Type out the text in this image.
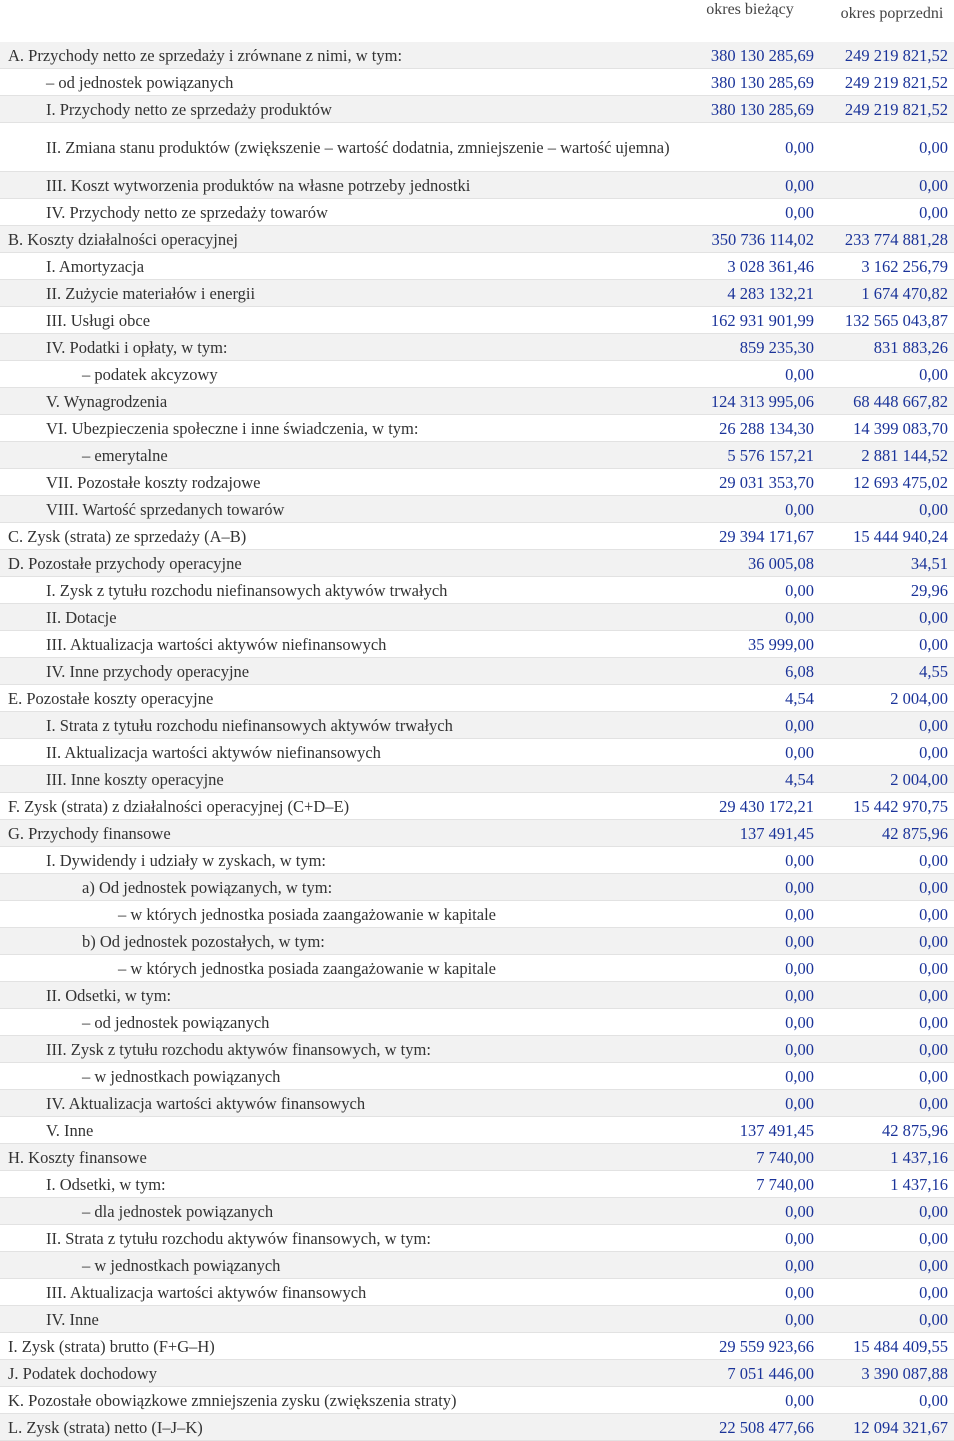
okres bieżący	okres poprzedni
A. Przychody netto ze sprzedaży i zrównane z nimi, w tym:	380 130 285,69	249 219 821,52
– od jednostek powiązanych	380 130 285,69	249 219 821,52
I. Przychody netto ze sprzedaży produktów	380 130 285,69	249 219 821,52
II. Zmiana stanu produktów (zwiększenie – wartość dodatnia, zmniejszenie – wartość ujemna)	0,00	0,00
III. Koszt wytworzenia produktów na własne potrzeby jednostki	0,00	0,00
IV. Przychody netto ze sprzedaży towarów	0,00	0,00
B. Koszty działalności operacyjnej	350 736 114,02	233 774 881,28
I. Amortyzacja	3 028 361,46	3 162 256,79
II. Zużycie materiałów i energii	4 283 132,21	1 674 470,82
III. Usługi obce	162 931 901,99	132 565 043,87
IV. Podatki i opłaty, w tym:	859 235,30	831 883,26
– podatek akcyzowy	0,00	0,00
V. Wynagrodzenia	124 313 995,06	68 448 667,82
VI. Ubezpieczenia społeczne i inne świadczenia, w tym:	26 288 134,30	14 399 083,70
– emerytalne	5 576 157,21	2 881 144,52
VII. Pozostałe koszty rodzajowe	29 031 353,70	12 693 475,02
VIII. Wartość sprzedanych towarów	0,00	0,00
C. Zysk (strata) ze sprzedaży (A–B)	29 394 171,67	15 444 940,24
D. Pozostałe przychody operacyjne	36 005,08	34,51
I. Zysk z tytułu rozchodu niefinansowych aktywów trwałych	0,00	29,96
II. Dotacje	0,00	0,00
III. Aktualizacja wartości aktywów niefinansowych	35 999,00	0,00
IV. Inne przychody operacyjne	6,08	4,55
E. Pozostałe koszty operacyjne	4,54	2 004,00
I. Strata z tytułu rozchodu niefinansowych aktywów trwałych	0,00	0,00
II. Aktualizacja wartości aktywów niefinansowych	0,00	0,00
III. Inne koszty operacyjne	4,54	2 004,00
F. Zysk (strata) z działalności operacyjnej (C+D–E)	29 430 172,21	15 442 970,75
G. Przychody finansowe	137 491,45	42 875,96
I. Dywidendy i udziały w zyskach, w tym:	0,00	0,00
a) Od jednostek powiązanych, w tym:	0,00	0,00
– w których jednostka posiada zaangażowanie w kapitale	0,00	0,00
b) Od jednostek pozostałych, w tym:	0,00	0,00
– w których jednostka posiada zaangażowanie w kapitale	0,00	0,00
II. Odsetki, w tym:	0,00	0,00
– od jednostek powiązanych	0,00	0,00
III. Zysk z tytułu rozchodu aktywów finansowych, w tym:	0,00	0,00
– w jednostkach powiązanych	0,00	0,00
IV. Aktualizacja wartości aktywów finansowych	0,00	0,00
V. Inne	137 491,45	42 875,96
H. Koszty finansowe	7 740,00	1 437,16
I. Odsetki, w tym:	7 740,00	1 437,16
– dla jednostek powiązanych	0,00	0,00
II. Strata z tytułu rozchodu aktywów finansowych, w tym:	0,00	0,00
– w jednostkach powiązanych	0,00	0,00
III. Aktualizacja wartości aktywów finansowych	0,00	0,00
IV. Inne	0,00	0,00
I. Zysk (strata) brutto (F+G–H)	29 559 923,66	15 484 409,55
J. Podatek dochodowy	7 051 446,00	3 390 087,88
K. Pozostałe obowiązkowe zmniejszenia zysku (zwiększenia straty)	0,00	0,00
L. Zysk (strata) netto (I–J–K)	22 508 477,66	12 094 321,67
